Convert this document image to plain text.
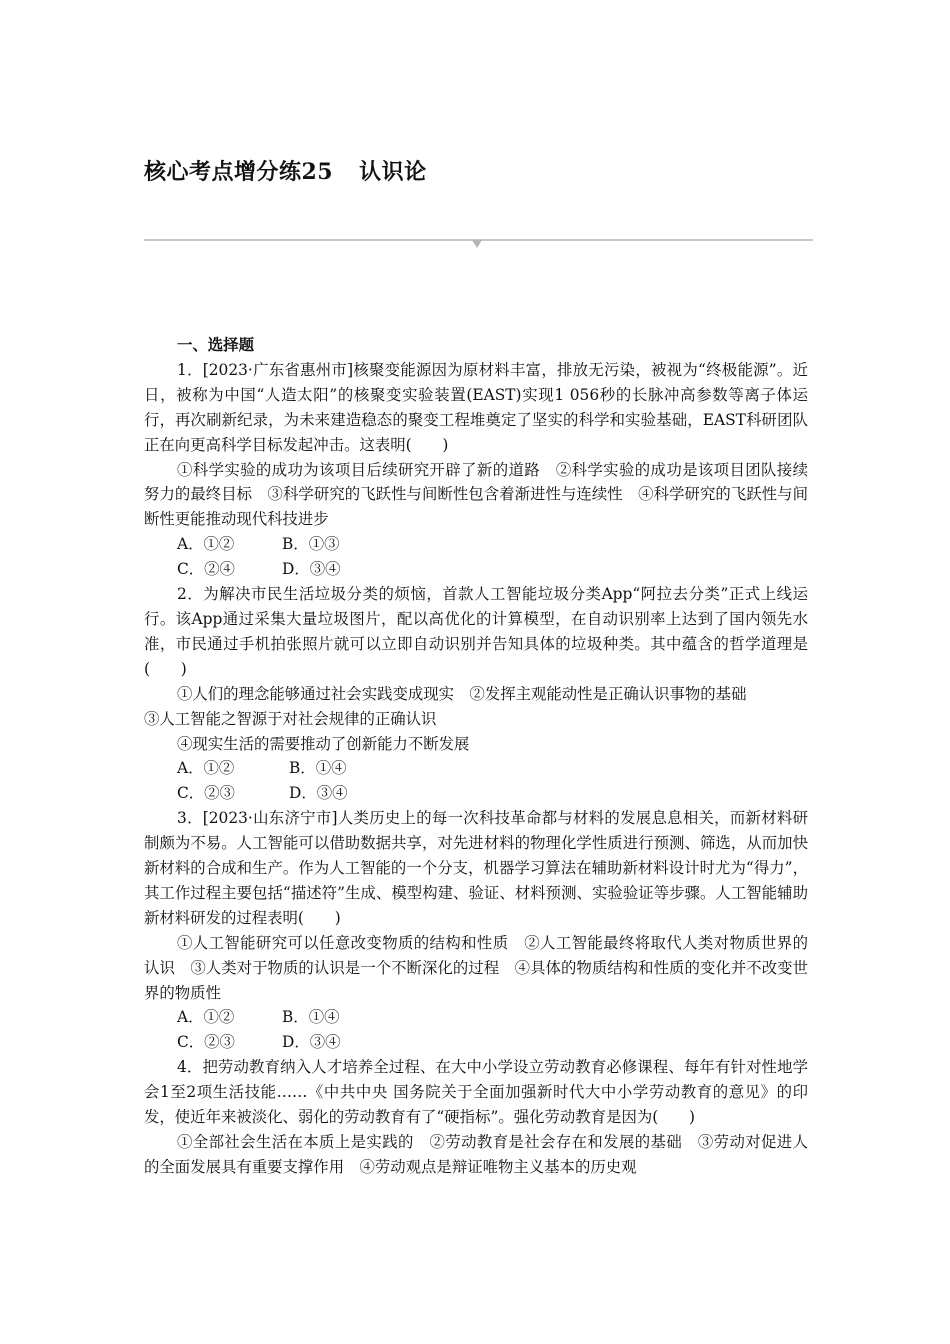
核心考点增分练25 认识论

一、选择题

1．[2023·广东省惠州市]核聚变能源因为原材料丰富，排放无污染，被视为“终极能源”。近日，被称为中国“人造太阳”的核聚变实验装置(EAST)实现1 056秒的长脉冲高参数等离子体运行，再次刷新纪录，为未来建造稳态的聚变工程堆奠定了坚实的科学和实验基础，EAST科研团队正在向更高科学目标发起冲击。这表明(　　)

①科学实验的成功为该项目后续研究开辟了新的道路　②科学实验的成功是该项目团队接续努力的最终目标　③科学研究的飞跃性与间断性包含着渐进性与连续性　④科学研究的飞跃性与间断性更能推动现代科技进步

A．①②	B．①③

C．②④	D．③④

2．为解决市民生活垃圾分类的烦恼，首款人工智能垃圾分类App“阿拉去分类”正式上线运行。该App通过采集大量垃圾图片，配以高优化的计算模型，在自动识别率上达到了国内领先水准，市民通过手机拍张照片就可以立即自动识别并告知具体的垃圾种类。其中蕴含的哲学道理是(　　)

①人们的理念能够通过社会实践变成现实　②发挥主观能动性是正确认识事物的基础

③人工智能之智源于对社会规律的正确认识

④现实生活的需要推动了创新能力不断发展

A．①②	B．①④

C．②③	D．③④

3．[2023·山东济宁市]人类历史上的每一次科技革命都与材料的发展息息相关，而新材料研制颇为不易。人工智能可以借助数据共享，对先进材料的物理化学性质进行预测、筛选，从而加快新材料的合成和生产。作为人工智能的一个分支，机器学习算法在辅助新材料设计时尤为“得力”，其工作过程主要包括“描述符”生成、模型构建、验证、材料预测、实验验证等步骤。人工智能辅助新材料研发的过程表明(　　)

①人工智能研究可以任意改变物质的结构和性质　②人工智能最终将取代人类对物质世界的认识　③人类对于物质的认识是一个不断深化的过程　④具体的物质结构和性质的变化并不改变世界的物质性

A．①②	B．①④

C．②③	D．③④

4．把劳动教育纳入人才培养全过程、在大中小学设立劳动教育必修课程、每年有针对性地学会1至2项生活技能……《中共中央 国务院关于全面加强新时代大中小学劳动教育的意见》的印发，使近年来被淡化、弱化的劳动教育有了“硬指标”。强化劳动教育是因为(　　)

①全部社会生活在本质上是实践的　②劳动教育是社会存在和发展的基础　③劳动对促进人的全面发展具有重要支撑作用　④劳动观点是辩证唯物主义基本的历史观
